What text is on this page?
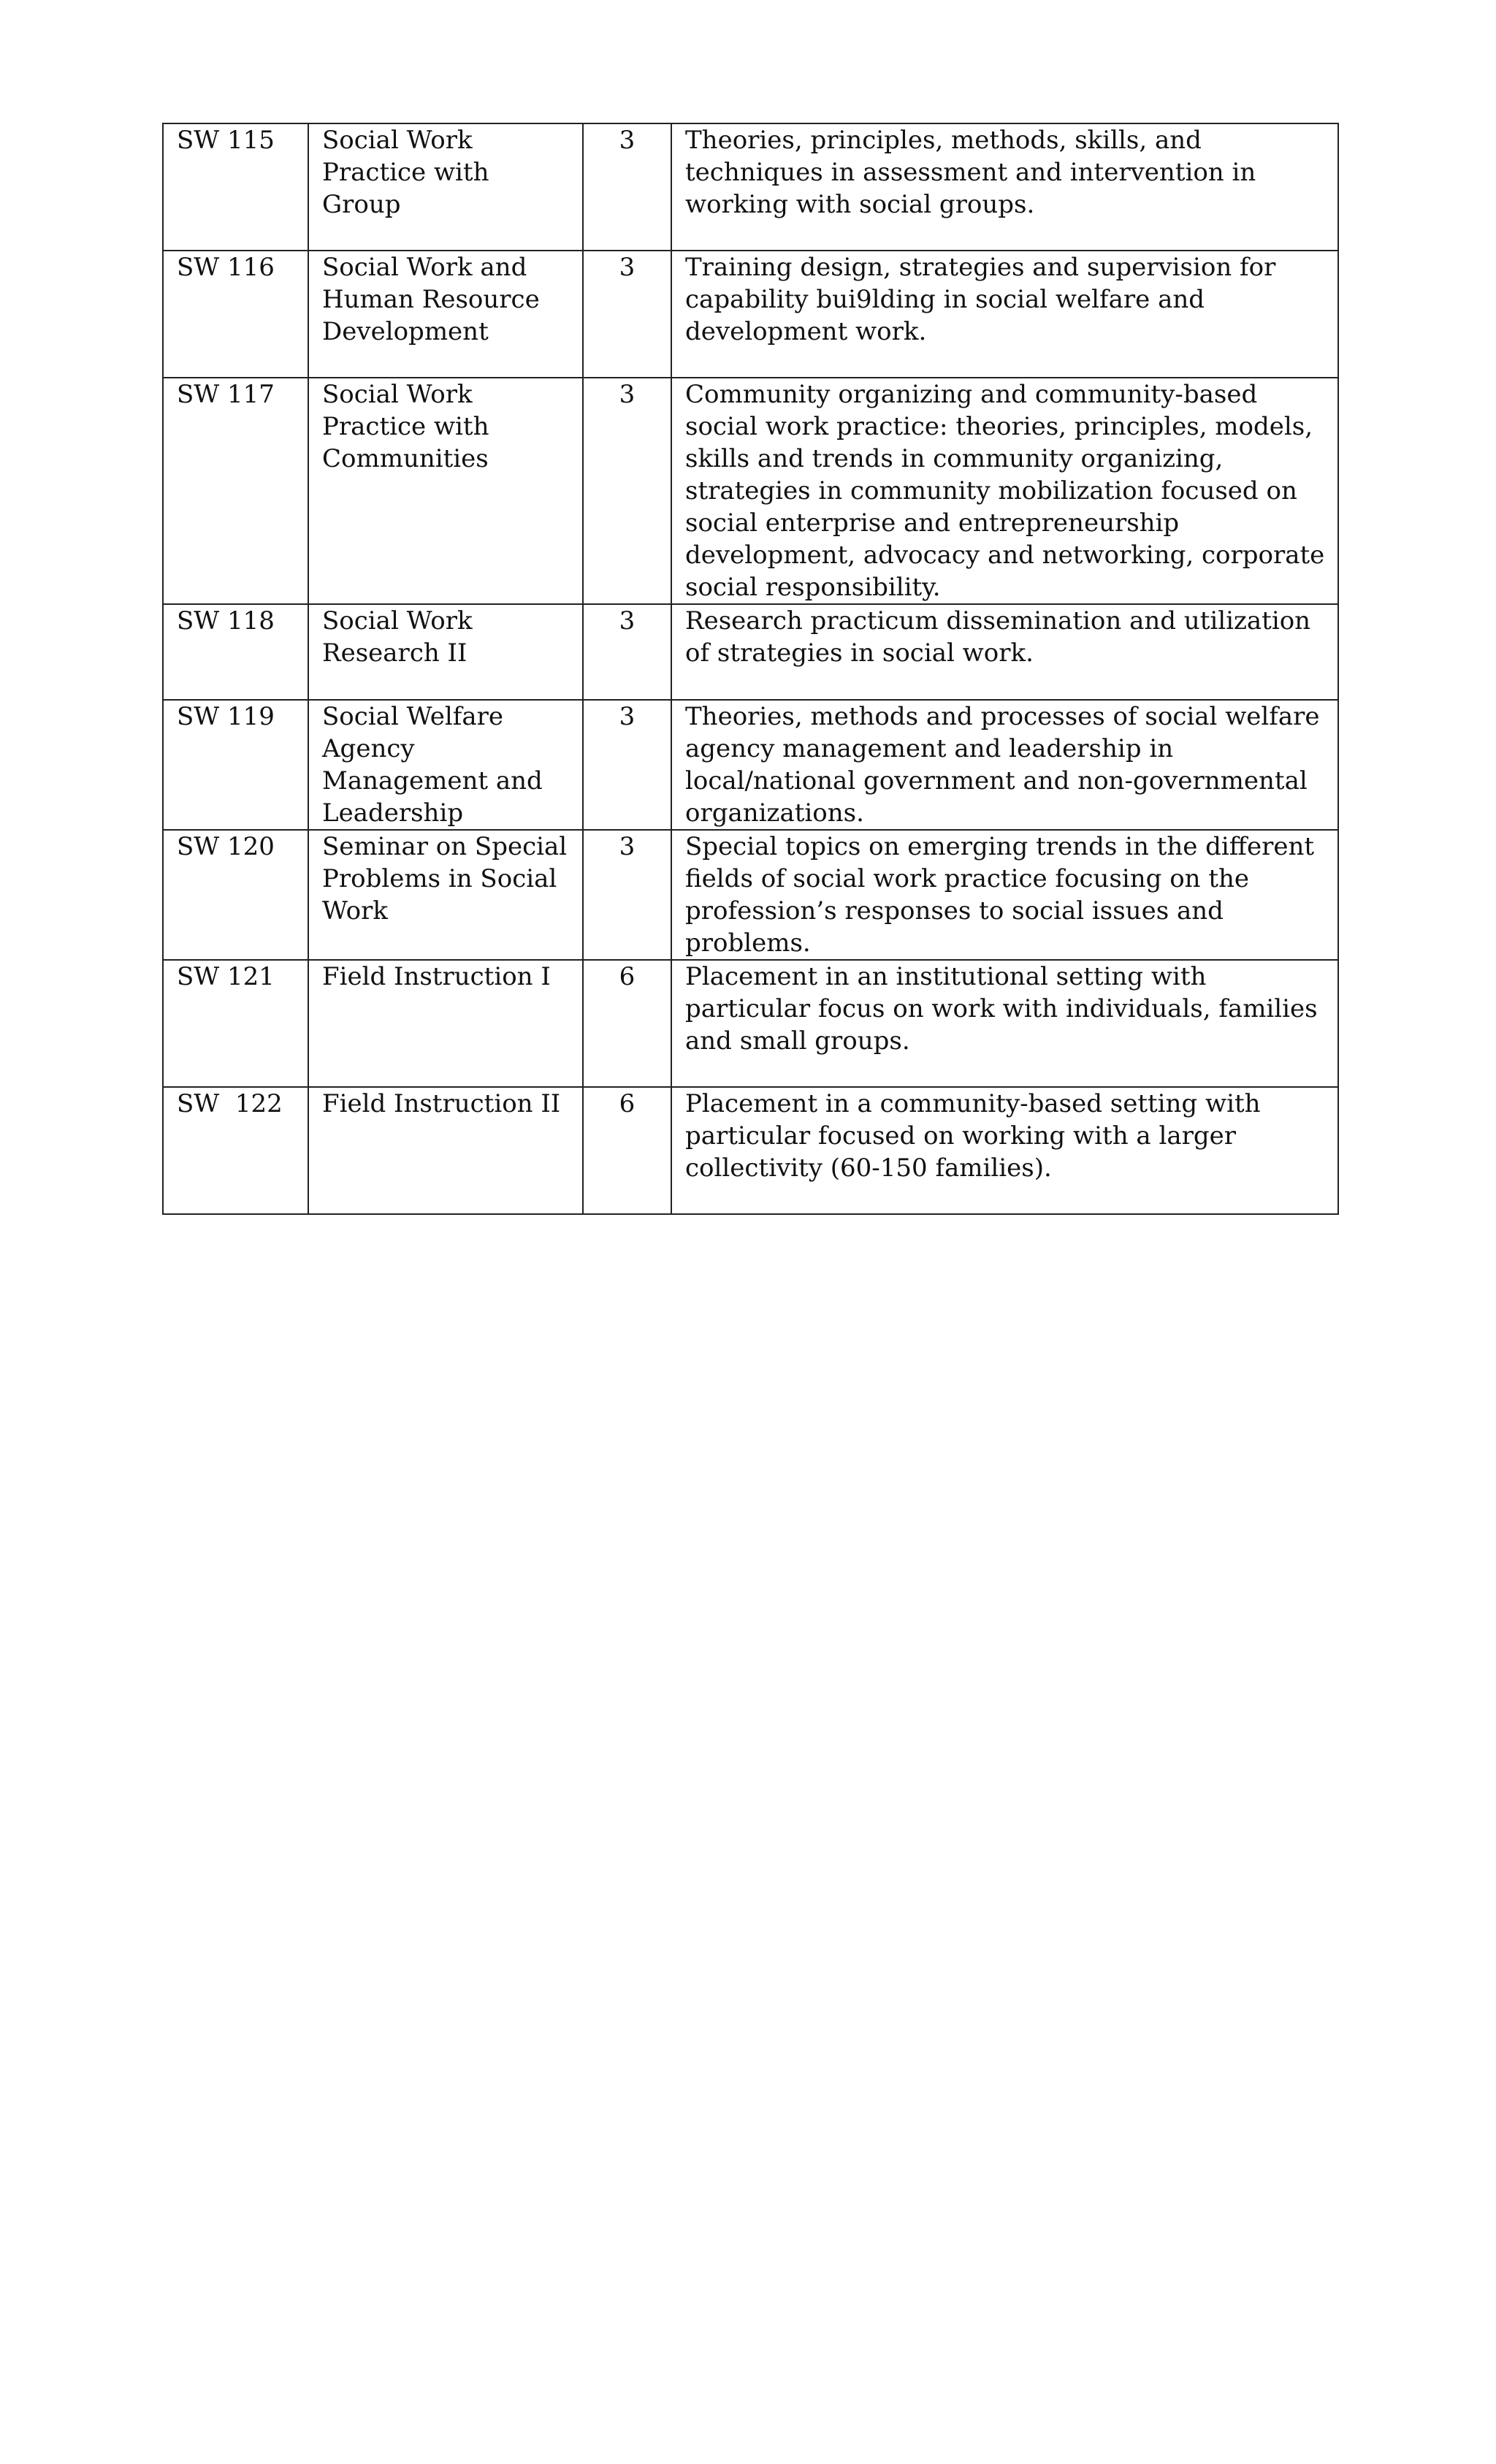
SW 115	Social Work Practice with Group	3	Theories, principles, methods, skills, and techniques in assessment and intervention in working with social groups.
SW 116	Social Work and Human Resource Development	3	Training design, strategies and supervision for capability bui9lding in social welfare and development work.
SW 117	Social Work Practice with Communities	3	Community organizing and community-based social work practice: theories, principles, models, skills and trends in community organizing, strategies in community mobilization focused on social enterprise and entrepreneurship development, advocacy and networking, corporate social responsibility.
SW 118	Social Work Research II	3	Research practicum dissemination and utilization of strategies in social work.
SW 119	Social Welfare Agency Management and Leadership	3	Theories, methods and processes of social welfare agency management and leadership in local/national government and non-governmental organizations.
SW 120	Seminar on Special Problems in Social Work	3	Special topics on emerging trends in the different fields of social work practice focusing on the profession’s responses to social issues and problems.
SW 121	Field Instruction I	6	Placement in an institutional setting with particular focus on work with individuals, families and small groups.
SW  122	Field Instruction II	6	Placement in a community-based setting with particular focused on working with a larger collectivity (60-150 families).
